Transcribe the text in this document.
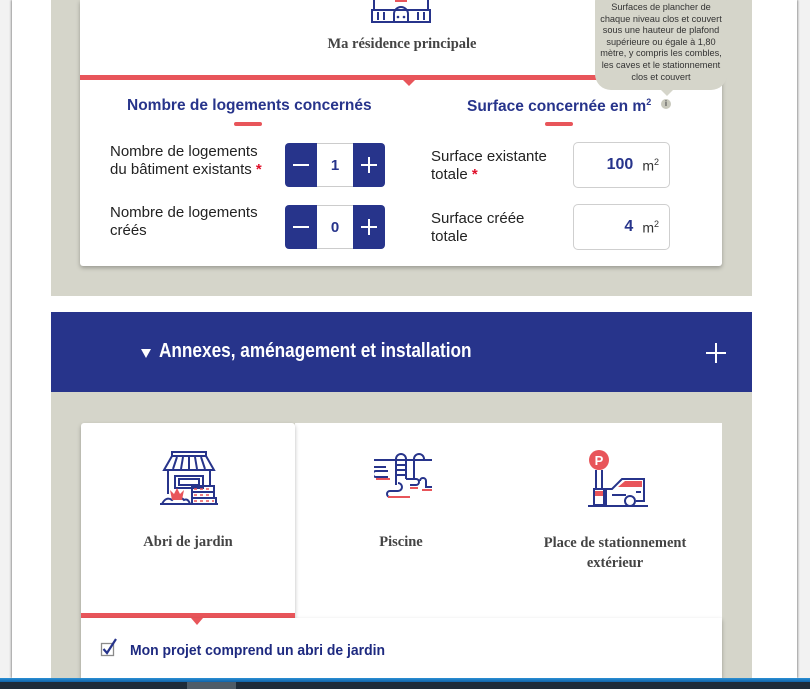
Ma résidence principale
Nombre de logements concernés
Nombre de logements
du bâtiment existants *	1
Nombre de logements
créés	0
Surface concernée en $m^2$	i
Surface existante
totale *
100 $m^2$
Surface créée
totale
4 $m^2$
Surfaces de plancher de
chaque niveau clos et couvert
sous une hauteur de plafond
supérieure ou égale à 1,80
mètre, y compris les combles,
les caves et le stationnement
clos et couvert
Annexes, aménagement et installation
Abri de jardin	Piscine
P
Place de stationnement
extérieur
Mon projet comprend un abri de jardin
